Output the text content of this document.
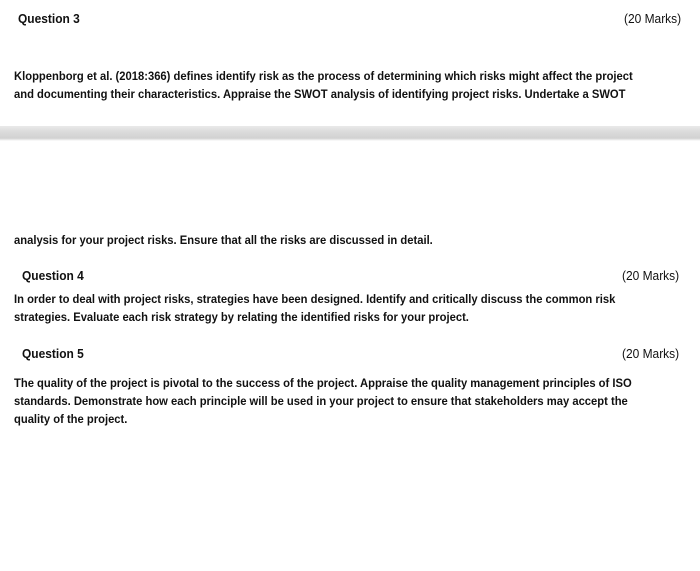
Question 3	(20 Marks)
Kloppenborg et al. (2018:366) defines identify risk as the process of determining which risks might affect the project
and documenting their characteristics. Appraise the SWOT analysis of identifying project risks. Undertake a SWOT
analysis for your project risks. Ensure that all the risks are discussed in detail.
Question 4	(20 Marks)
In order to deal with project risks, strategies have been designed. Identify and critically discuss the common risk
strategies. Evaluate each risk strategy by relating the identified risks for your project.
Question 5	(20 Marks)
The quality of the project is pivotal to the success of the project. Appraise the quality management principles of ISO
standards. Demonstrate how each principle will be used in your project to ensure that stakeholders may accept the
quality of the project.
